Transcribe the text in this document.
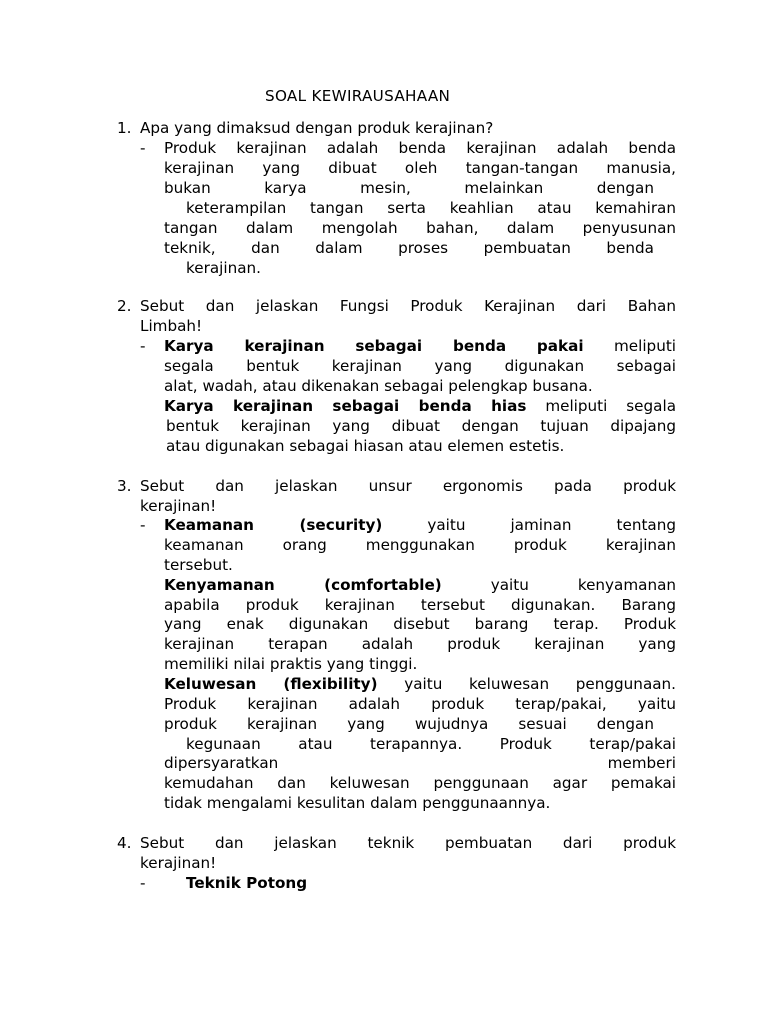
SOAL KEWIRAUSAHAAN
1. Apa yang dimaksud dengan produk kerajinan?
- Produk kerajinan adalah benda kerajinan adalah benda
kerajinan yang dibuat oleh tangan-tangan manusia,
bukan karya mesin, melainkan dengan
keterampilan tangan serta keahlian atau kemahiran
tangan dalam mengolah bahan, dalam penyusunan
teknik, dan dalam proses pembuatan benda
kerajinan.
2. Sebut dan jelaskan Fungsi Produk Kerajinan dari Bahan
Limbah!
- Karya kerajinan sebagai benda pakai meliputi
segala bentuk kerajinan yang digunakan sebagai
alat, wadah, atau dikenakan sebagai pelengkap busana.
Karya kerajinan sebagai benda hias meliputi segala
bentuk kerajinan yang dibuat dengan tujuan dipajang
atau digunakan sebagai hiasan atau elemen estetis.
3. Sebut dan jelaskan unsur ergonomis pada produk
kerajinan!
- Keamanan (security)	yaitu jaminan tentang
keamanan orang menggunakan produk kerajinan
tersebut.
Kenyamanan (comfortable)	yaitu kenyamanan
apabila produk kerajinan tersebut digunakan. Barang
yang enak digunakan disebut barang terap. Produk
kerajinan terapan adalah produk kerajinan yang
memiliki nilai praktis yang tinggi.
Keluwesan (flexibility) yaitu keluwesan penggunaan.
Produk kerajinan adalah produk terap/pakai, yaitu
produk kerajinan yang wujudnya sesuai dengan
kegunaan atau terapannya. Produk terap/pakai
dipersyaratkan memberi
kemudahan dan keluwesan penggunaan agar pemakai
tidak mengalami kesulitan dalam penggunaannya.
4. Sebut dan jelaskan teknik pembuatan dari produk
kerajinan!
-	Teknik Potong
